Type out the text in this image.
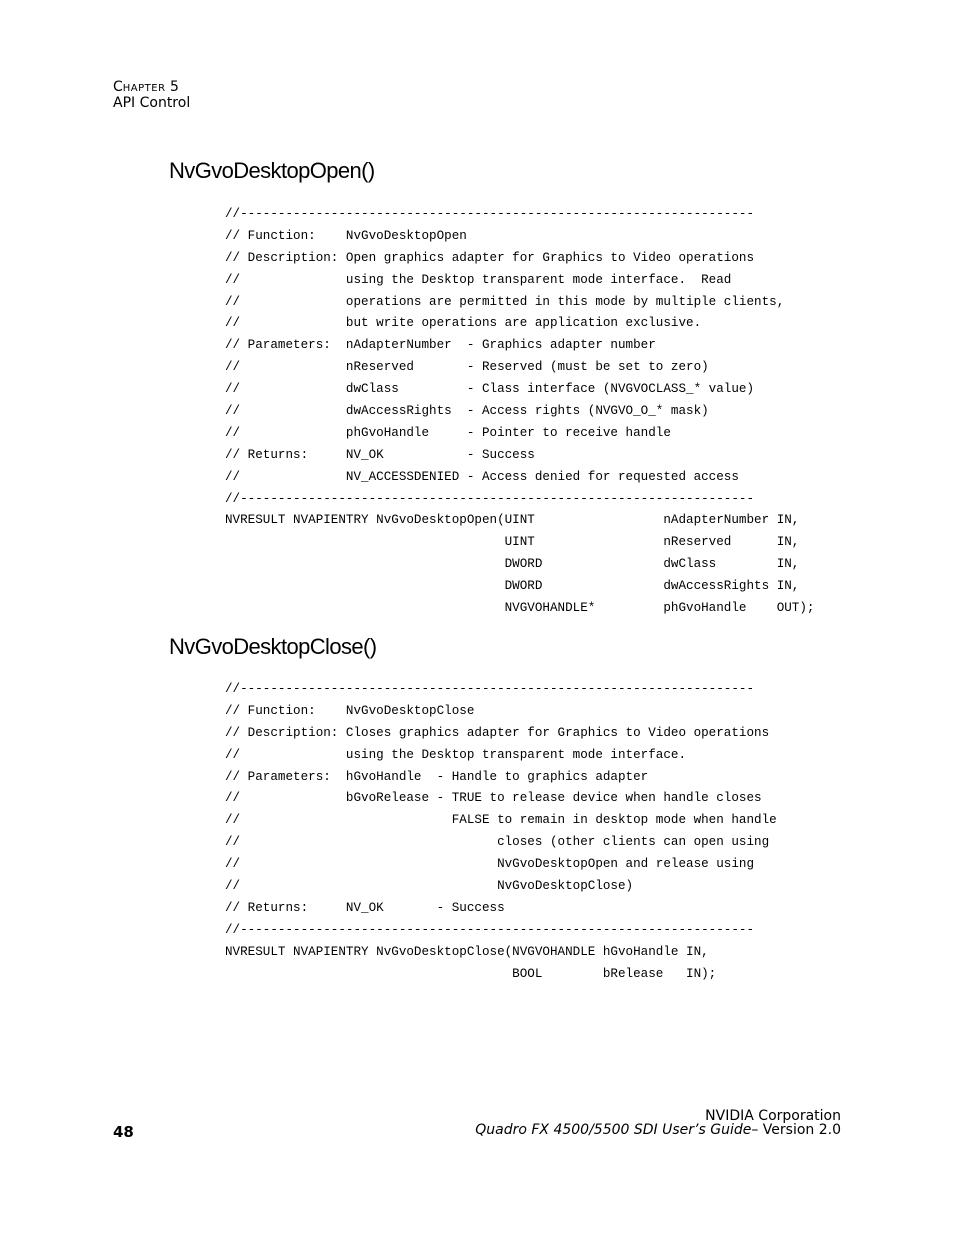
CHAPTER 5
API Control
NvGvoDesktopOpen()
//--------------------------------------------------------------------
// Function:    NvGvoDesktopOpen
// Description: Open graphics adapter for Graphics to Video operations
//              using the Desktop transparent mode interface.  Read
//              operations are permitted in this mode by multiple clients,
//              but write operations are application exclusive.
// Parameters:  nAdapterNumber  - Graphics adapter number
//              nReserved       - Reserved (must be set to zero)
//              dwClass         - Class interface (NVGVOCLASS_* value)
//              dwAccessRights  - Access rights (NVGVO_O_* mask)
//              phGvoHandle     - Pointer to receive handle
// Returns:     NV_OK           - Success
//              NV_ACCESSDENIED - Access denied for requested access
//--------------------------------------------------------------------
NVRESULT NVAPIENTRY NvGvoDesktopOpen(UINT                 nAdapterNumber IN,
UINT                 nReserved      IN,
DWORD                dwClass        IN,
DWORD                dwAccessRights IN,
NVGVOHANDLE*         phGvoHandle    OUT);
NvGvoDesktopClose()
//--------------------------------------------------------------------
// Function:    NvGvoDesktopClose
// Description: Closes graphics adapter for Graphics to Video operations
//              using the Desktop transparent mode interface.
// Parameters:  hGvoHandle  - Handle to graphics adapter
//              bGvoRelease - TRUE to release device when handle closes
//                            FALSE to remain in desktop mode when handle
//                                  closes (other clients can open using
//                                  NvGvoDesktopOpen and release using
//                                  NvGvoDesktopClose)
// Returns:     NV_OK       - Success
//--------------------------------------------------------------------
NVRESULT NVAPIENTRY NvGvoDesktopClose(NVGVOHANDLE hGvoHandle IN,
BOOL        bRelease   IN);
48
NVIDIA Corporation
Quadro FX 4500/5500 SDI User’s Guide– Version 2.0
